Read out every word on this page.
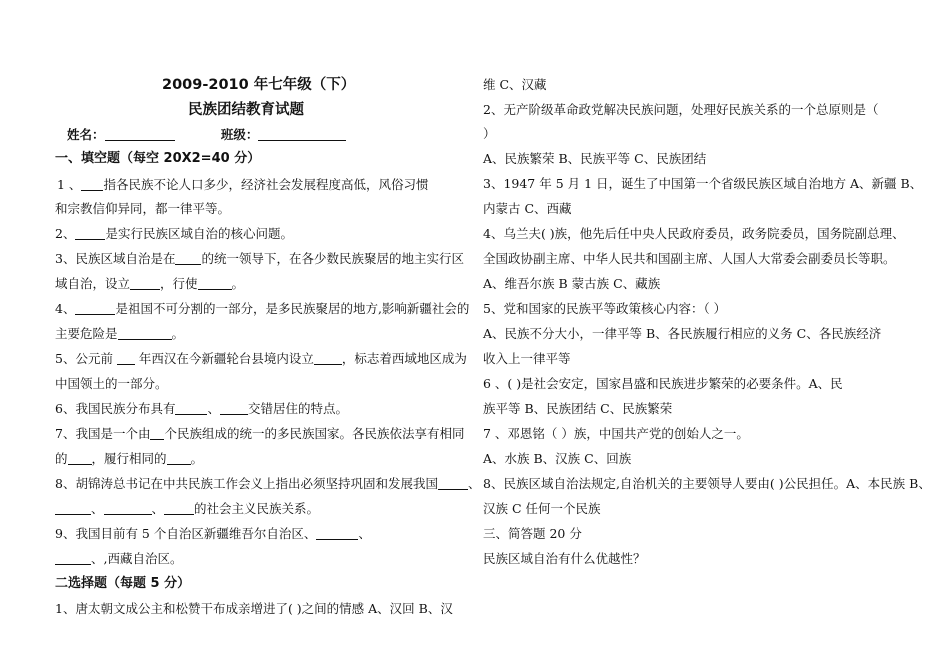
2009-2010 年七年级（下）
民族团结教育试题
姓名：	班级：
一、填空题（每空 20X2=40 分）
1 、 指各民族不论人口多少，经济社会发展程度高低，风俗习惯
和宗教信仰异同，都一律平等。
2、 是实行民族区域自治的核心问题。
3、民族区域自治是在 的统一领导下，在各少数民族聚居的地主实行区
域自治，设立 ，行使	。
4、	是祖国不可分割的一部分，是多民族聚居的地方,影响新疆社会的
主要危险是	。
5、公元前  年西汉在今新疆轮台县境内设立 ，标志着西域地区成为
中国领土的一部分。
6、我国民族分布具有	、 交错居住的特点。
7、我国是一个由 个民族组成的统一的多民族国家。各民族依法享有相同
的 ，履行相同的 。
8、胡锦涛总书记在中共民族工作会义上指出必须坚持巩固和发展我国 、
、	、 的社会主义民族关系。
9、我国目前有 5 个自治区新疆维吾尔自治区、	、
、,西藏自治区。
二选择题（每题 5 分）
1、唐太朝文成公主和松赞干布成亲增进了( )之间的情感 A、汉回 B、汉
维 C、汉藏
2、无产阶级革命政党解决民族问题，处理好民族关系的一个总原则是（
）
A、民族繁荣 B、民族平等 C、民族团结
3、1947 年 5 月 1 日，诞生了中国第一个省级民族区域自治地方 A、新疆 B、
内蒙古 C、西藏
4、乌兰夫( )族，他先后任中央人民政府委员，政务院委员，国务院副总理、
全国政协副主席、中华人民共和国副主席、人国人大常委会副委员长等职。
A、维吾尔族 B 蒙古族 C、藏族
5、党和国家的民族平等政策核心内容：（ ）
A、民族不分大小，一律平等 B、各民族履行相应的义务 C、各民族经济
收入上一律平等
6 、( )是社会安定，国家昌盛和民族进步繁荣的必要条件。A、民
族平等 B、民族团结 C、民族繁荣
7 、邓恩铭（ ）族，中国共产党的创始人之一。
A、水族 B、汉族 C、回族
8、民族区域自治法规定,自治机关的主要领导人要由( )公民担任。A、本民族 B、
汉族 C 任何一个民族
三、简答题 20 分
民族区域自治有什么优越性？
